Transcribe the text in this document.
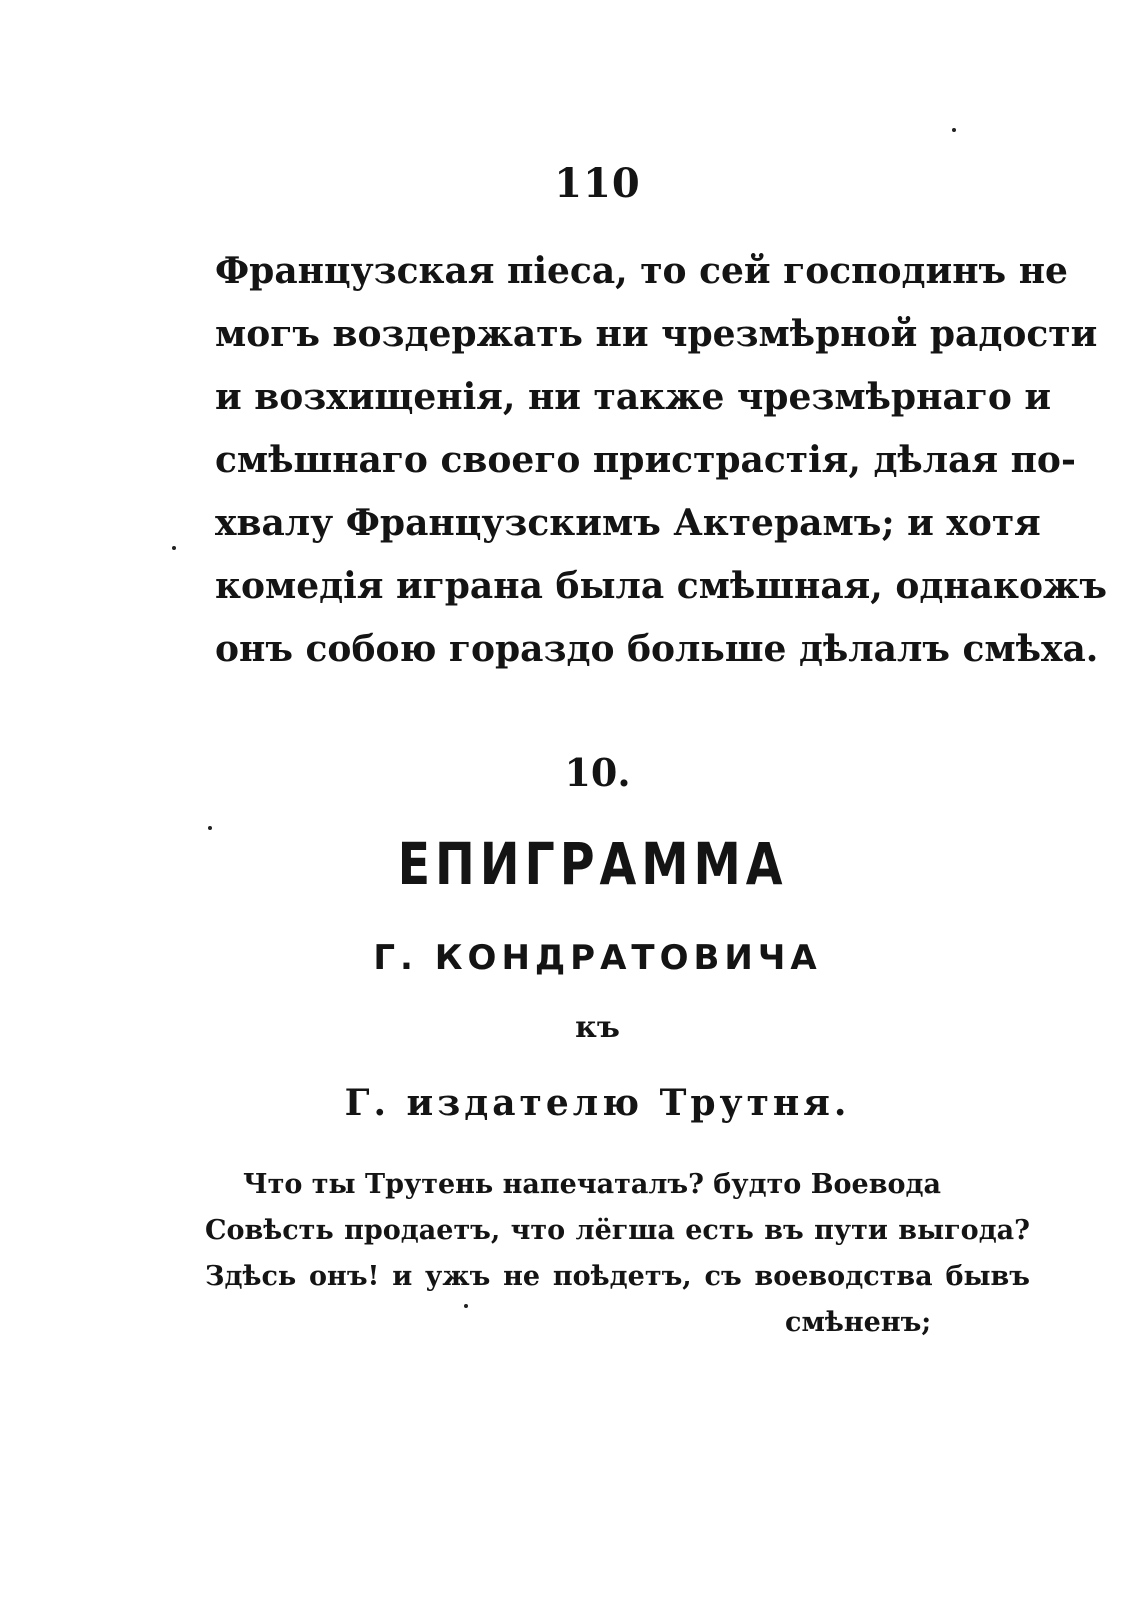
110
Французская піеса, то сей господинъ не
могъ воздержать ни чрезмѣрной радости
и возхищенія, ни также чрезмѣрнаго и
смѣшнаго своего пристрастія, дѣлая по-
хвалу Французскимъ Актерамъ; и хотя
комедія играна была смѣшная, однакожъ
онъ собою гораздо больше дѣлалъ смѣха.
10.
ЕПИГРАММА
Г. КОНДРАТОВИЧА
къ
Г. издателю Трутня.
Что ты Трутень напечаталъ? будто Воевода
Совѣсть продаетъ, что лёгша есть въ пути выгода?
Здѣсь онъ! и ужъ не поѣдетъ, съ воеводства бывъ
смѣненъ;
